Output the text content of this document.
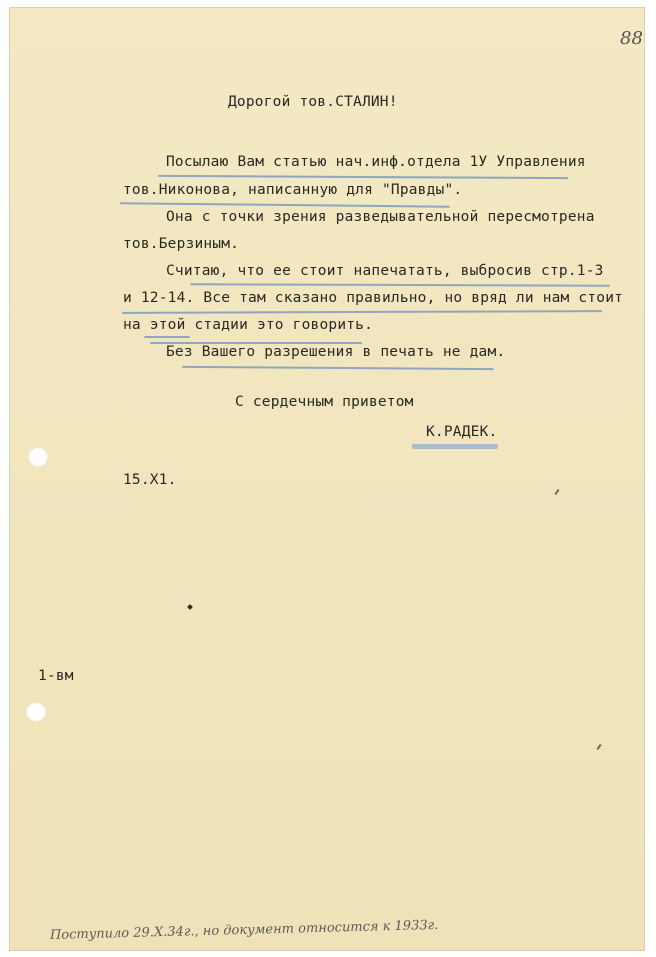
88
Дорогой тов.СТАЛИН!
Посылаю Вам статью нач.инф.отдела 1У Управления
тов.Никонова, написанную для "Правды".
Она с точки зрения разведывательной пересмотрена
тов.Берзиным.
Считаю, что ее стоит напечатать, выбросив стр.1-3
и 12-14. Все там сказано правильно, но вряд ли нам стоит
на этой стадии это говорить.
Без Вашего разрешения в печать не дам.
С сердечным приветом
К.РАДЕК.
15.Х1.
1-вм
Поступило 29.Х.34г., но документ относится к 1933г.
